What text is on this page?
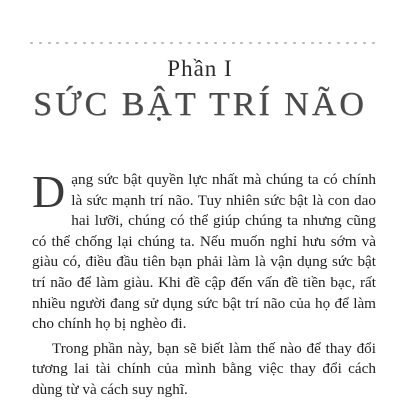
Phần I
SỨC BẬT TRÍ NÃO

Dạng sức bật quyền lực nhất mà chúng ta có chính là sức mạnh trí não. Tuy nhiên sức bật là con dao hai lưỡi, chúng có thể giúp chúng ta nhưng cũng có thể chống lại chúng ta. Nếu muốn nghỉ hưu sớm và giàu có, điều đầu tiên bạn phải làm là vận dụng sức bật trí não để làm giàu. Khi đề cập đến vấn đề tiền bạc, rất nhiều người đang sử dụng sức bật trí não của họ để làm cho chính họ bị nghèo đi.

Trong phần này, bạn sẽ biết làm thế nào để thay đổi tương lai tài chính của mình bằng việc thay đổi cách dùng từ và cách suy nghĩ.
